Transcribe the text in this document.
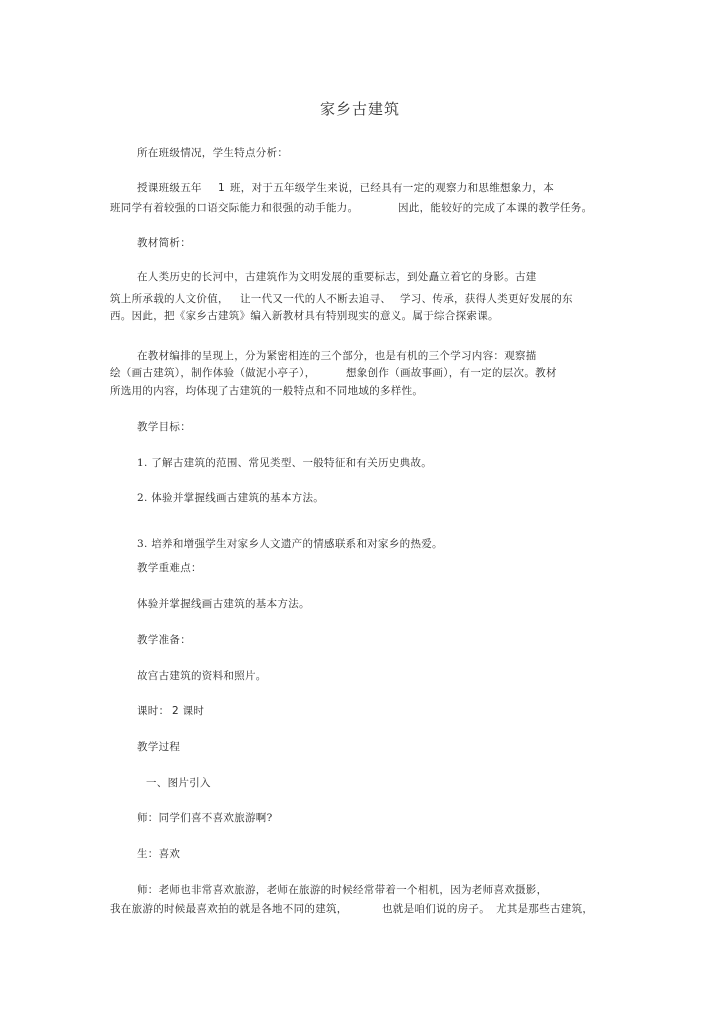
家乡古建筑
所在班级情况，学生特点分析：
授课班级五年 1 班，对于五年级学生来说，已经具有一定的观察力和思维想象力，本
班同学有着较强的口语交际能力和很强的动手能力。	因此，能较好的完成了本课的教学任务。
教材简析：
在人类历史的长河中，古建筑作为文明发展的重要标志，到处矗立着它的身影。古建
筑上所承载的人文价值， 让一代又一代的人不断去追寻、 学习、传承，获得人类更好发展的东
西。因此，把《家乡古建筑》编入新教材具有特别现实的意义。属于综合探索课。
在教材编排的呈现上，分为紧密相连的三个部分，也是有机的三个学习内容：观察描
绘（画古建筑），制作体验（做泥小亭子），	想象创作（画故事画），有一定的层次。教材
所选用的内容，均体现了古建筑的一般特点和不同地域的多样性。
教学目标：
1. 了解古建筑的范围、常见类型、一般特征和有关历史典故。
2. 体验并掌握线画古建筑的基本方法。
3. 培养和增强学生对家乡人文遗产的情感联系和对家乡的热爱。
教学重难点：
体验并掌握线画古建筑的基本方法。
教学准备：
故宫古建筑的资料和照片。
课时： 2 课时
教学过程
一、图片引入
师：同学们喜不喜欢旅游啊?
生：喜欢
师：老师也非常喜欢旅游，老师在旅游的时候经常带着一个相机，因为老师喜欢摄影，
我在旅游的时候最喜欢拍的就是各地不同的建筑，	也就是咱们说的房子。 尤其是那些古建筑，
